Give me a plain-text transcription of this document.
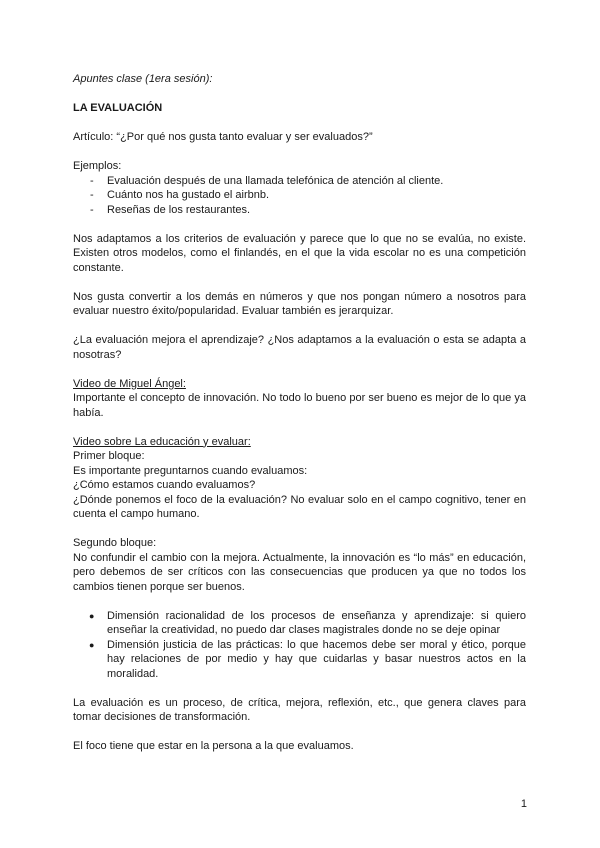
Apuntes clase (1era sesión):

LA EVALUACIÓN

Artículo: “¿Por qué nos gusta tanto evaluar y ser evaluados?”

Ejemplos:

- Evaluación después de una llamada telefónica de atención al cliente.
- Cuánto nos ha gustado el airbnb.
- Reseñas de los restaurantes.

Nos adaptamos a los criterios de evaluación y parece que lo que no se evalúa, no existe. Existen otros modelos, como el finlandés, en el que la vida escolar no es una competición constante.

Nos gusta convertir a los demás en números y que nos pongan número a nosotros para evaluar nuestro éxito/popularidad. Evaluar también es jerarquizar.

¿La evaluación mejora el aprendizaje? ¿Nos adaptamos a la evaluación o esta se adapta a nosotras?

Video de Miguel Ángel:

Importante el concepto de innovación. No todo lo bueno por ser bueno es mejor de lo que ya había.

Video sobre La educación y evaluar:

Primer bloque:

Es importante preguntarnos cuando evaluamos:

¿Cómo estamos cuando evaluamos?

¿Dónde ponemos el foco de la evaluación? No evaluar solo en el campo cognitivo, tener en cuenta el campo humano.

Segundo bloque:

No confundir el cambio con la mejora. Actualmente, la innovación es “lo más” en educación, pero debemos de ser críticos con las consecuencias que producen ya que no todos los cambios tienen porque ser buenos.

● Dimensión racionalidad de los procesos de enseñanza y aprendizaje: si quiero enseñar la creatividad, no puedo dar clases magistrales donde no se deje opinar
● Dimensión justicia de las prácticas: lo que hacemos debe ser moral y ético, porque hay relaciones de por medio y hay que cuidarlas y basar nuestros actos en la moralidad.

La evaluación es un proceso, de crítica, mejora, reflexión, etc., que genera claves para tomar decisiones de transformación.

El foco tiene que estar en la persona a la que evaluamos.

1
